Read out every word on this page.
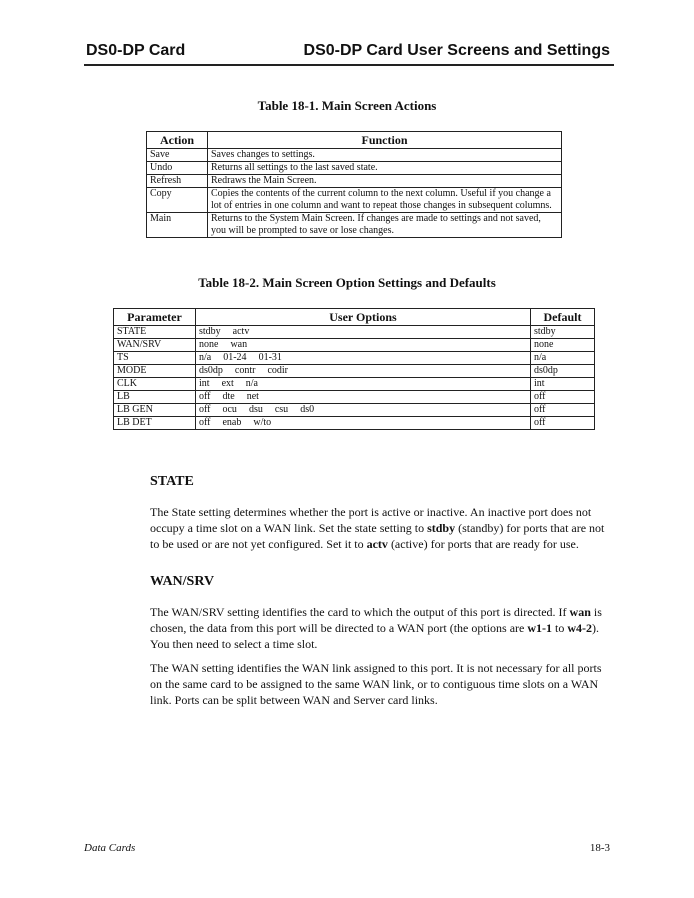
DS0-DP Card	DS0-DP Card User Screens and Settings
Table 18-1. Main Screen Actions
Action	Function
Save	Saves changes to settings.
Undo	Returns all settings to the last saved state.
Refresh	Redraws the Main Screen.
Copy	Copies the contents of the current column to the next column. Useful if you change a lot of entries in one column and want to repeat those changes in subsequent columns.
Main	Returns to the System Main Screen. If changes are made to settings and not saved, you will be prompted to save or lose changes.
Table 18-2. Main Screen Option Settings and Defaults
Parameter	User Options	Default
STATE	stdby actv	stdby
WAN/SRV	none wan	none
TS	n/a 01-24 01-31	n/a
MODE	ds0dp contr codir	ds0dp
CLK	int ext n/a	int
LB	off dte net	off
LB GEN	off ocu dsu csu ds0	off
LB DET	off enab w/to	off
STATE

The State setting determines whether the port is active or inactive. An inactive port does not occupy a time slot on a WAN link. Set the state setting to stdby (standby) for ports that are not to be used or are not yet configured. Set it to actv (active) for ports that are ready for use.

WAN/SRV

The WAN/SRV setting identifies the card to which the output of this port is directed. If wan is chosen, the data from this port will be directed to a WAN port (the options are w1-1 to w4-2). You then need to select a time slot.

The WAN setting identifies the WAN link assigned to this port. It is not necessary for all ports on the same card to be assigned to the same WAN link, or to contiguous time slots on a WAN link. Ports can be split between WAN and Server card links.

Data Cards	18-3
